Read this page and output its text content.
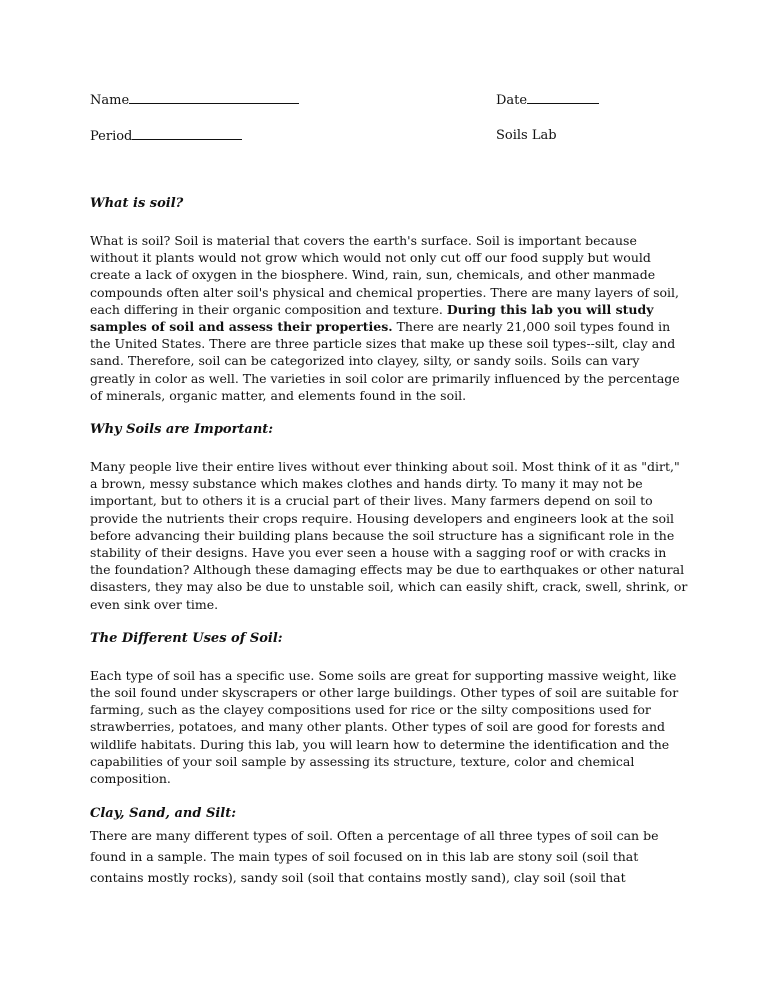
Name	Date
Period	Soils Lab

What is soil?

What is soil? Soil is material that covers the earth's surface. Soil is important because without it plants would not grow which would not only cut off our food supply but would create a lack of oxygen in the biosphere. Wind, rain, sun, chemicals, and other manmade compounds often alter soil's physical and chemical properties. There are many layers of soil, each differing in their organic composition and texture. During this lab you will study samples of soil and assess their properties. There are nearly 21,000 soil types found in the United States. There are three particle sizes that make up these soil types--silt, clay and sand. Therefore, soil can be categorized into clayey, silty, or sandy soils. Soils can vary greatly in color as well. The varieties in soil color are primarily influenced by the percentage of minerals, organic matter, and elements found in the soil.

Why Soils are Important:

Many people live their entire lives without ever thinking about soil. Most think of it as "dirt," a brown, messy substance which makes clothes and hands dirty. To many it may not be important, but to others it is a crucial part of their lives. Many farmers depend on soil to provide the nutrients their crops require. Housing developers and engineers look at the soil before advancing their building plans because the soil structure has a significant role in the stability of their designs. Have you ever seen a house with a sagging roof or with cracks in the foundation? Although these damaging effects may be due to earthquakes or other natural disasters, they may also be due to unstable soil, which can easily shift, crack, swell, shrink, or even sink over time.

The Different Uses of Soil:

Each type of soil has a specific use. Some soils are great for supporting massive weight, like the soil found under skyscrapers or other large buildings. Other types of soil are suitable for farming, such as the clayey compositions used for rice or the silty compositions used for strawberries, potatoes, and many other plants. Other types of soil are good for forests and wildlife habitats. During this lab, you will learn how to determine the identification and the capabilities of your soil sample by assessing its structure, texture, color and chemical composition.

Clay, Sand, and Silt:

There are many different types of soil. Often a percentage of all three types of soil can be found in a sample. The main types of soil focused on in this lab are stony soil (soil that contains mostly rocks), sandy soil (soil that contains mostly sand), clay soil (soil that
